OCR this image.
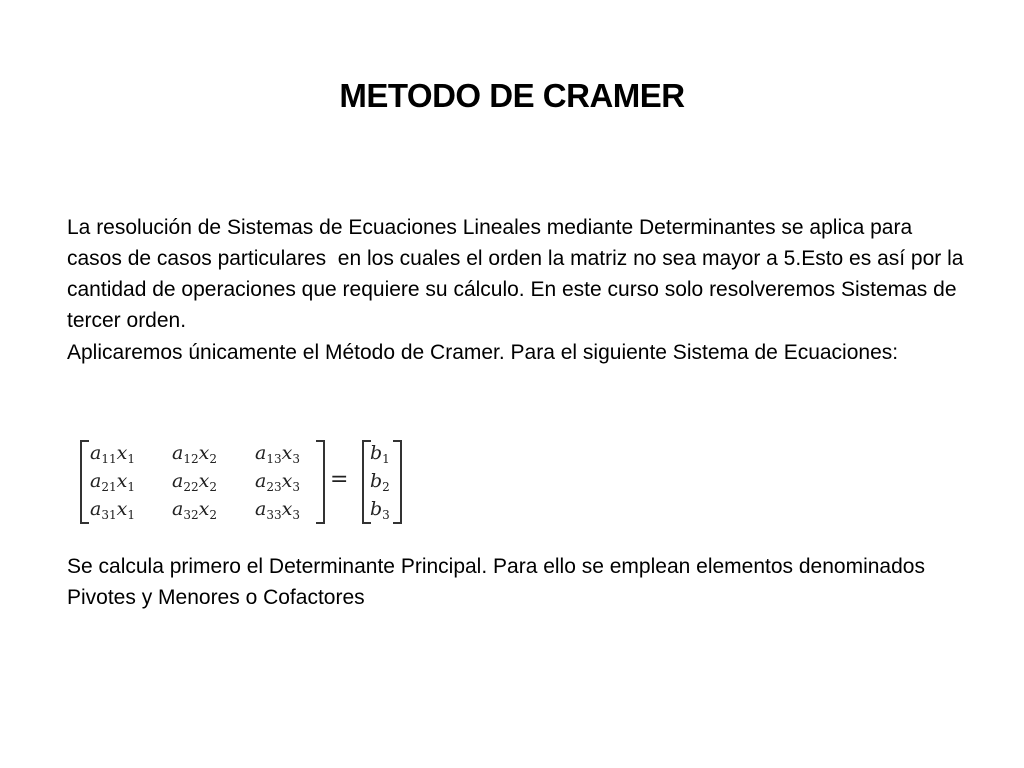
METODO DE CRAMER

La resolución de Sistemas de Ecuaciones Lineales mediante Determinantes se aplica para casos de casos particulares  en los cuales el orden la matriz no sea mayor a 5.Esto es así por la cantidad de operaciones que requiere su cálculo. En este curso solo resolveremos Sistemas de tercer orden.

Aplicaremos únicamente el Método de Cramer. Para el siguiente Sistema de Ecuaciones:

=
$a_{11}x_1$ $a_{12}x_2$ $a_{13}x_3$
$a_{21}x_1$ $a_{22}x_2$ $a_{23}x_3$
$a_{31}x_1$ $a_{32}x_2$ $a_{33}x_3$
$b_1$
$b_2$
$b_3$

Se calcula primero el Determinante Principal. Para ello se emplean elementos denominados Pivotes y Menores o Cofactores
